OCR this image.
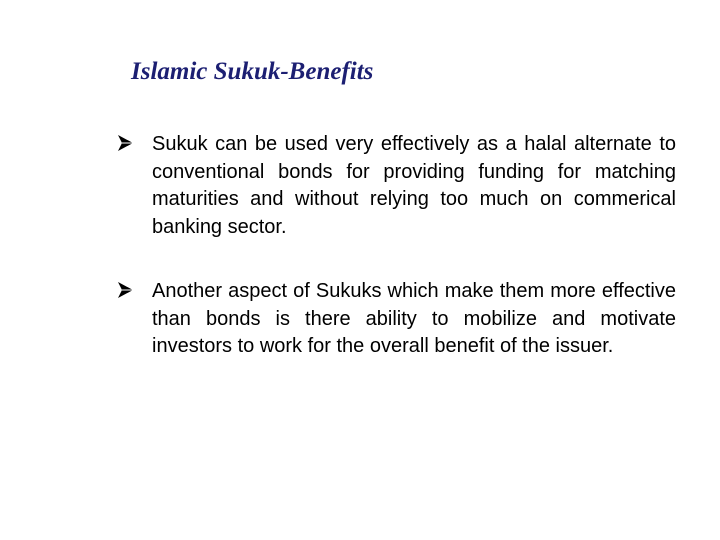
Islamic Sukuk-Benefits
Sukuk can be used very effectively as a halal alternate to conventional bonds for providing funding for matching maturities and without relying too much on commerical banking sector.
Another aspect of Sukuks which make them more effective than bonds is there ability to mobilize and motivate investors to work for the overall benefit of the issuer.
